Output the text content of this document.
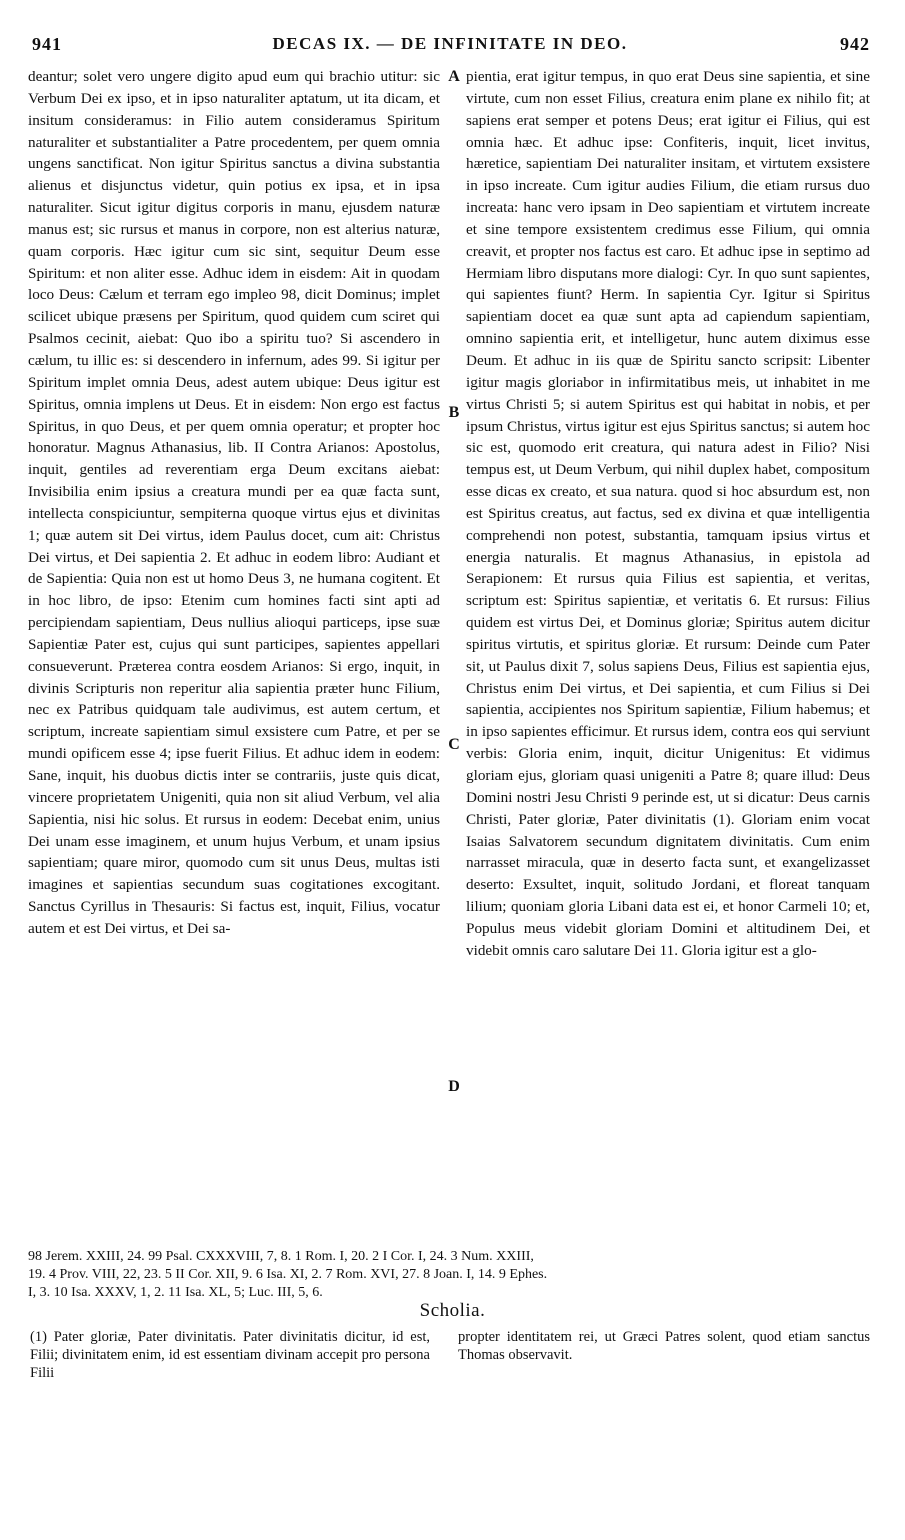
941	DECAS IX. — DE INFINITATE IN DEO.	942

deantur; solet vero ungere digito apud eum qui brachio utitur: sic Verbum Dei ex ipso, et in ipso naturaliter aptatum, ut ita dicam, et insitum consideramus: in Filio autem consideramus Spiritum naturaliter et substantialiter a Patre procedentem, per quem omnia ungens sanctificat. Non igitur Spiritus sanctus a divina substantia alienus et disjunctus videtur, quin potius ex ipsa, et in ipsa naturaliter. Sicut igitur digitus corporis in manu, ejusdem naturæ manus est; sic rursus et manus in corpore, non est alterius naturæ, quam corporis. Hæc igitur cum sic sint, sequitur Deum esse Spiritum: et non aliter esse. Adhuc idem in eisdem: Ait in quodam loco Deus: Cælum et terram ego impleo 98, dicit Dominus; implet scilicet ubique præsens per Spiritum, quod quidem cum sciret qui Psalmos cecinit, aiebat: Quo ibo a spiritu tuo? Si ascendero in cælum, tu illic es: si descendero in infernum, ades 99. Si igitur per Spiritum implet omnia Deus, adest autem ubique: Deus igitur est Spiritus, omnia implens ut Deus. Et in eisdem: Non ergo est factus Spiritus, in quo Deus, et per quem omnia operatur; et propter hoc honoratur. Magnus Athanasius, lib. II Contra Arianos: Apostolus, inquit, gentiles ad reverentiam erga Deum excitans aiebat: Invisibilia enim ipsius a creatura mundi per ea quæ facta sunt, intellecta conspiciuntur, sempiterna quoque virtus ejus et divinitas 1; quæ autem sit Dei virtus, idem Paulus docet, cum ait: Christus Dei virtus, et Dei sapientia 2. Et adhuc in eodem libro: Audiant et de Sapientia: Quia non est ut homo Deus 3, ne humana cogitent. Et in hoc libro, de ipso: Etenim cum homines facti sint apti ad percipiendam sapientiam, Deus nullius alioqui particeps, ipse suæ Sapientiæ Pater est, cujus qui sunt participes, sapientes appellari consueverunt. Præterea contra eosdem Arianos: Si ergo, inquit, in divinis Scripturis non reperitur alia sapientia præter hunc Filium, nec ex Patribus quidquam tale audivimus, est autem certum, et scriptum, increate sapientiam simul exsistere cum Patre, et per se mundi opificem esse 4; ipse fuerit Filius. Et adhuc idem in eodem: Sane, inquit, his duobus dictis inter se contrariis, juste quis dicat, vincere proprietatem Unigeniti, quia non sit aliud Verbum, vel alia Sapientia, nisi hic solus. Et rursus in eodem: Decebat enim, unius Dei unam esse imaginem, et unum hujus Verbum, et unam ipsius sapientiam; quare miror, quomodo cum sit unus Deus, multas isti imagines et sapientias secundum suas cogitationes excogitant. Sanctus Cyrillus in Thesauris: Si factus est, inquit, Filius, vocatur autem et est Dei virtus, et Dei sa-

A
B
C
D

pientia, erat igitur tempus, in quo erat Deus sine sapientia, et sine virtute, cum non esset Filius, creatura enim plane ex nihilo fit; at sapiens erat semper et potens Deus; erat igitur ei Filius, qui est omnia hæc. Et adhuc ipse: Confiteris, inquit, licet invitus, hæretice, sapientiam Dei naturaliter insitam, et virtutem exsistere in ipso increate. Cum igitur audies Filium, die etiam rursus duo increata: hanc vero ipsam in Deo sapientiam et virtutem increate et sine tempore exsistentem credimus esse Filium, qui omnia creavit, et propter nos factus est caro. Et adhuc ipse in septimo ad Hermiam libro disputans more dialogi: Cyr. In quo sunt sapientes, qui sapientes fiunt? Herm. In sapientia Cyr. Igitur si Spiritus sapientiam docet ea quæ sunt apta ad capiendum sapientiam, omnino sapientia erit, et intelligetur, hunc autem diximus esse Deum. Et adhuc in iis quæ de Spiritu sancto scripsit: Libenter igitur magis gloriabor in infirmitatibus meis, ut inhabitet in me virtus Christi 5; si autem Spiritus est qui habitat in nobis, et per ipsum Christus, virtus igitur est ejus Spiritus sanctus; si autem hoc sic est, quomodo erit creatura, qui natura adest in Filio? Nisi tempus est, ut Deum Verbum, qui nihil duplex habet, compositum esse dicas ex creato, et sua natura. quod si hoc absurdum est, non est Spiritus creatus, aut factus, sed ex divina et quæ intelligentia comprehendi non potest, substantia, tamquam ipsius virtus et energia naturalis. Et magnus Athanasius, in epistola ad Serapionem: Et rursus quia Filius est sapientia, et veritas, scriptum est: Spiritus sapientiæ, et veritatis 6. Et rursus: Filius quidem est virtus Dei, et Dominus gloriæ; Spiritus autem dicitur spiritus virtutis, et spiritus gloriæ. Et rursum: Deinde cum Pater sit, ut Paulus dixit 7, solus sapiens Deus, Filius est sapientia ejus, Christus enim Dei virtus, et Dei sapientia, et cum Filius si Dei sapientia, accipientes nos Spiritum sapientiæ, Filium habemus; et in ipso sapientes efficimur. Et rursus idem, contra eos qui serviunt verbis: Gloria enim, inquit, dicitur Unigenitus: Et vidimus gloriam ejus, gloriam quasi unigeniti a Patre 8; quare illud: Deus Domini nostri Jesu Christi 9 perinde est, ut si dicatur: Deus carnis Christi, Pater gloriæ, Pater divinitatis (1). Gloriam enim vocat Isaias Salvatorem secundum dignitatem divinitatis. Cum enim narrasset miracula, quæ in deserto facta sunt, et exangelizasset deserto: Exsultet, inquit, solitudo Jordani, et floreat tanquam lilium; quoniam gloria Libani data est ei, et honor Carmeli 10; et, Populus meus videbit gloriam Domini et altitudinem Dei, et videbit omnis caro salutare Dei 11. Gloria igitur est a glo-

98 Jerem. XXIII, 24. 99 Psal. CXXXVIII, 7, 8. 1 Rom. I, 20. 2 I Cor. I, 24. 3 Num. XXIII,
19. 4 Prov. VIII, 22, 23. 5 II Cor. XII, 9. 6 Isa. XI, 2. 7 Rom. XVI, 27. 8 Joan. I, 14. 9 Ephes.
I, 3. 10 Isa. XXXV, 1, 2. 11 Isa. XL, 5; Luc. III, 5, 6.
Scholia.
(1) Pater gloriæ, Pater divinitatis. Pater divinitatis dicitur, id est, Filii; divinitatem enim, id est essentiam divinam accepit pro persona Filii
propter identitatem rei, ut Græci Patres solent, quod etiam sanctus Thomas observavit.
